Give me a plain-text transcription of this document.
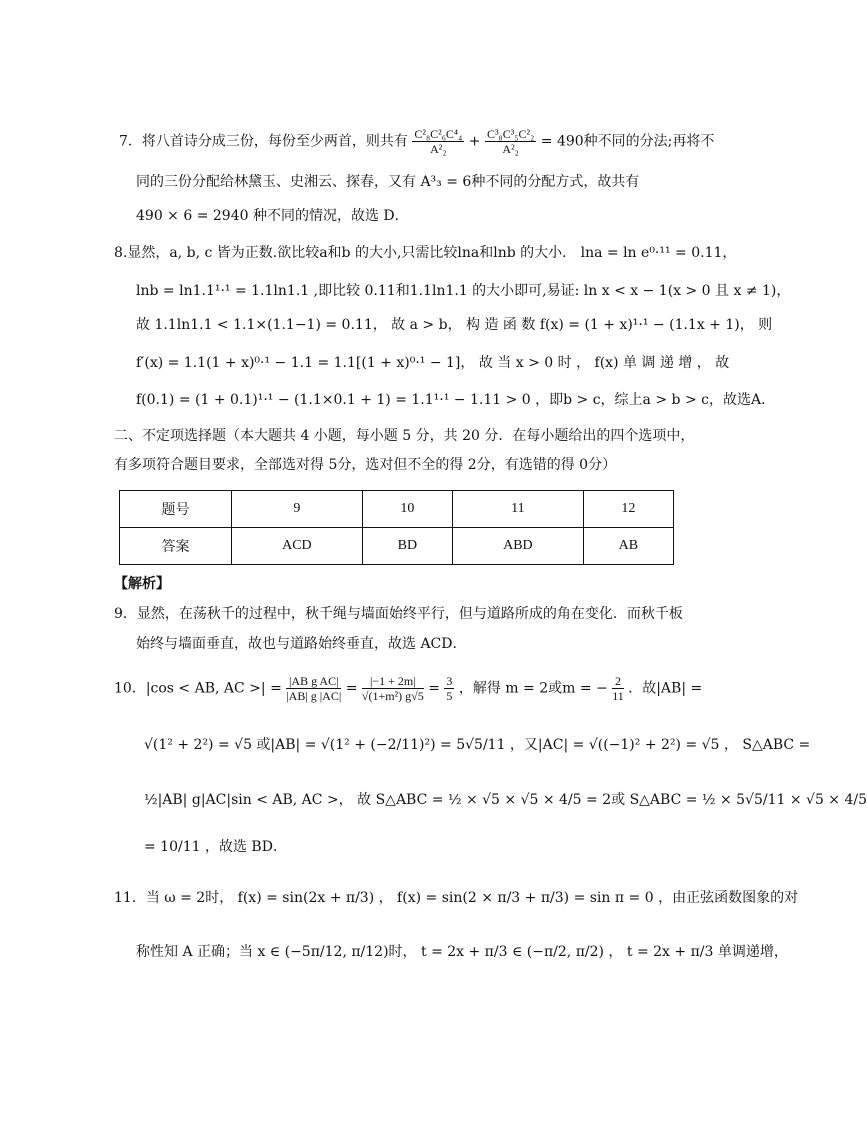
7．将八首诗分成三份，每份至少两首，则共有 $\frac{\text{C²₈C²₆C⁴₄}}{\text{A²₂}} + \frac{\text{C³₈C³₅C²₂}}{\text{A²₂}} = 490$种不同的分法;再将不
同的三份分配给林黛玉、史湘云、探春，又有 A³₃ = 6种不同的分配方式，故共有
490 × 6 = 2940 种不同的情况，故选 D．
8.显然，a, b, c 皆为正数.欲比较a和b 的大小,只需比较lna和lnb 的大小． lna = ln e⁰·¹¹ = 0.11，
lnb = ln1.1¹·¹ = 1.1ln1.1 ,即比较 0.11和1.1ln1.1 的大小即可,易证: ln x < x − 1(x > 0 且 x ≠ 1)，
故 1.1ln1.1 < 1.1×(1.1−1) = 0.11， 故 a > b， 构 造 函 数 f(x) = (1 + x)¹·¹ − (1.1x + 1)， 则
f′(x) = 1.1(1 + x)⁰·¹ − 1.1 = 1.1[(1 + x)⁰·¹ − 1]， 故 当 x > 0 时 ， f(x) 单 调 递 增 ， 故
f(0.1) = (1 + 0.1)¹·¹ − (1.1×0.1 + 1) = 1.1¹·¹ − 1.11 > 0 ，即b > c，综上a > b > c，故选A．
二、不定项选择题（本大题共 4 小题，每小题 5 分，共 20 分．在每小题给出的四个选项中，
有多项符合题目要求，全部选对得 5分，选对但不全的得 2分，有选错的得 0分）
题号	9	10	11	12
答案	ACD	BD	ABD	AB
【解析】
9．显然，在荡秋千的过程中，秋千绳与墙面始终平行，但与道路所成的角在变化．而秋千板
始终与墙面垂直，故也与道路始终垂直，故选 ACD．
10．|cos < AB, AC >| = $\frac{\text{|AB g AC|}}{|AB| g |AC|} = \frac{|-1 + 2m|}{\text{√(1+m²) g√5}} = \frac{3}{5}$ ，解得 m = 2或m = − $\frac{2}{11}$ ．故|AB| =
√(1² + 2²) = √5 或|AB| = √(1² + (−2/11)²) = 5√5/11 ，又|AC| = √((−1)² + 2²) = √5 ， S△ABC =
½|AB| g|AC|sin < AB, AC >， 故 S△ABC = ½ × √5 × √5 × 4/5 = 2或 S△ABC = ½ × 5√5/11 × √5 × 4/5
= 10/11 ，故选 BD．
11．当 ω = 2时， f(x) = sin(2x + π/3) ， f(x) = sin(2 × π/3 + π/3) = sin π = 0 ，由正弦函数图象的对
称性知 A 正确；当 x ∈ (−5π/12, π/12)时， t = 2x + π/3 ∈ (−π/2, π/2) ， t = 2x + π/3 单调递增，
